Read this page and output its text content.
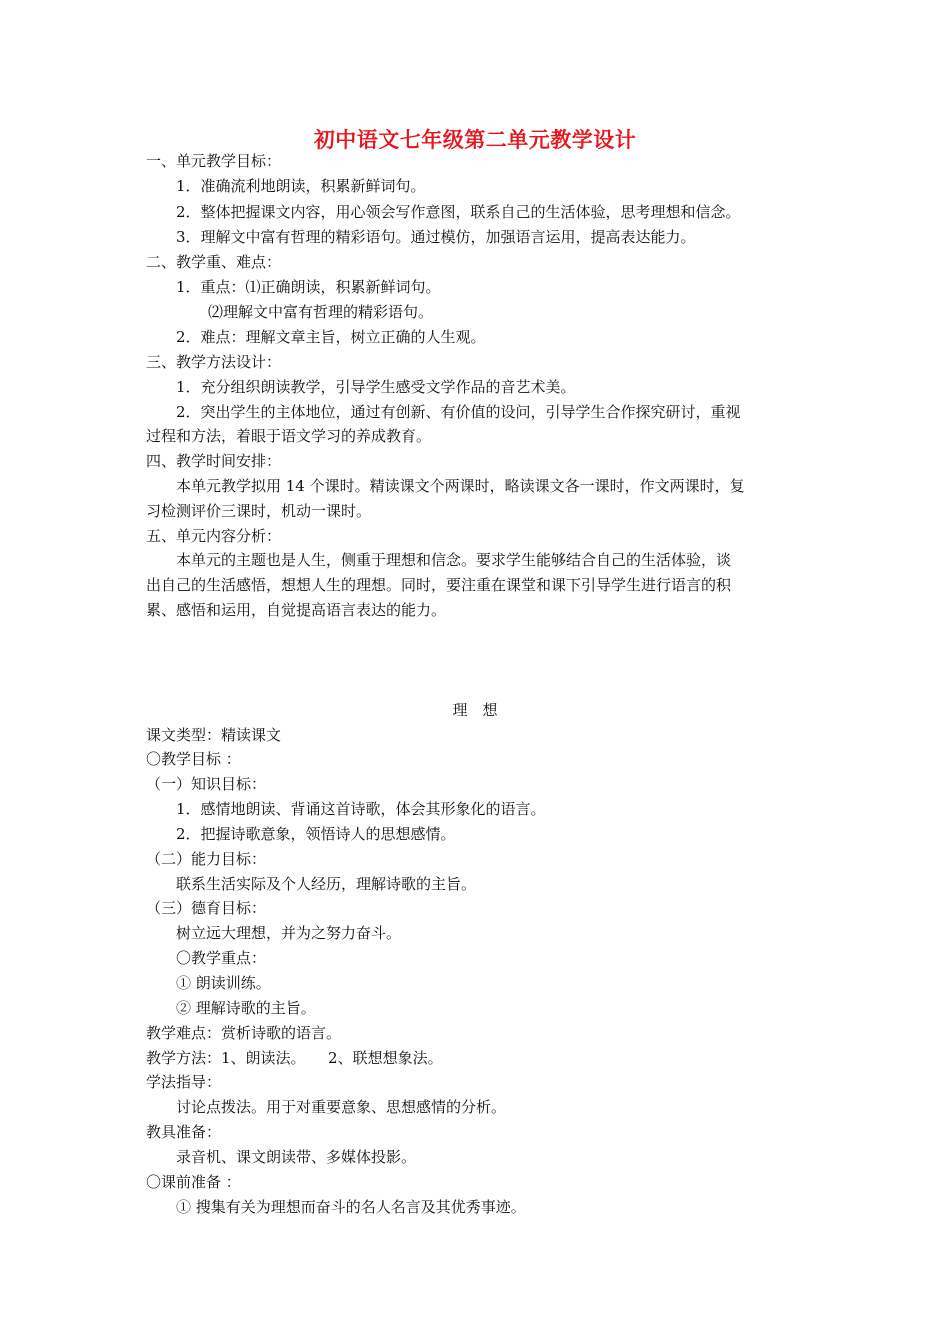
初中语文七年级第二单元教学设计
一、单元教学目标：
1．准确流利地朗读，积累新鲜词句。
2．整体把握课文内容，用心领会写作意图，联系自己的生活体验，思考理想和信念。
3．理解文中富有哲理的精彩语句。通过模仿，加强语言运用，提高表达能力。
二、教学重、难点：
1．重点：⑴正确朗读，积累新鲜词句。
⑵理解文中富有哲理的精彩语句。
2．难点：理解文章主旨，树立正确的人生观。
三、教学方法设计：
1．充分组织朗读教学，引导学生感受文学作品的音艺术美。
2．突出学生的主体地位，通过有创新、有价值的设问，引导学生合作探究研讨，重视
过程和方法，着眼于语文学习的养成教育。
四、教学时间安排：
本单元教学拟用 14 个课时。精读课文个两课时，略读课文各一课时，作文两课时，复
习检测评价三课时，机动一课时。
五、单元内容分析：
本单元的主题也是人生，侧重于理想和信念。要求学生能够结合自己的生活体验，谈
出自己的生活感悟，想想人生的理想。同时，要注重在课堂和课下引导学生进行语言的积
累、感悟和运用，自觉提高语言表达的能力。
理　想
课文类型：精读课文
〇教学目标 ：
（一）知识目标：
1．感情地朗读、背诵这首诗歌，体会其形象化的语言。
2．把握诗歌意象，领悟诗人的思想感情。
（二）能力目标：
联系生活实际及个人经历，理解诗歌的主旨。
（三）德育目标：
树立远大理想，并为之努力奋斗。
〇教学重点：
① 朗读训练。
② 理解诗歌的主旨。
教学难点：赏析诗歌的语言。
教学方法：1、朗读法。　　2、联想想象法。
学法指导：
讨论点拨法。用于对重要意象、思想感情的分析。
教具准备：
录音机、课文朗读带、多媒体投影。
〇课前准备 ：
① 搜集有关为理想而奋斗的名人名言及其优秀事迹。
